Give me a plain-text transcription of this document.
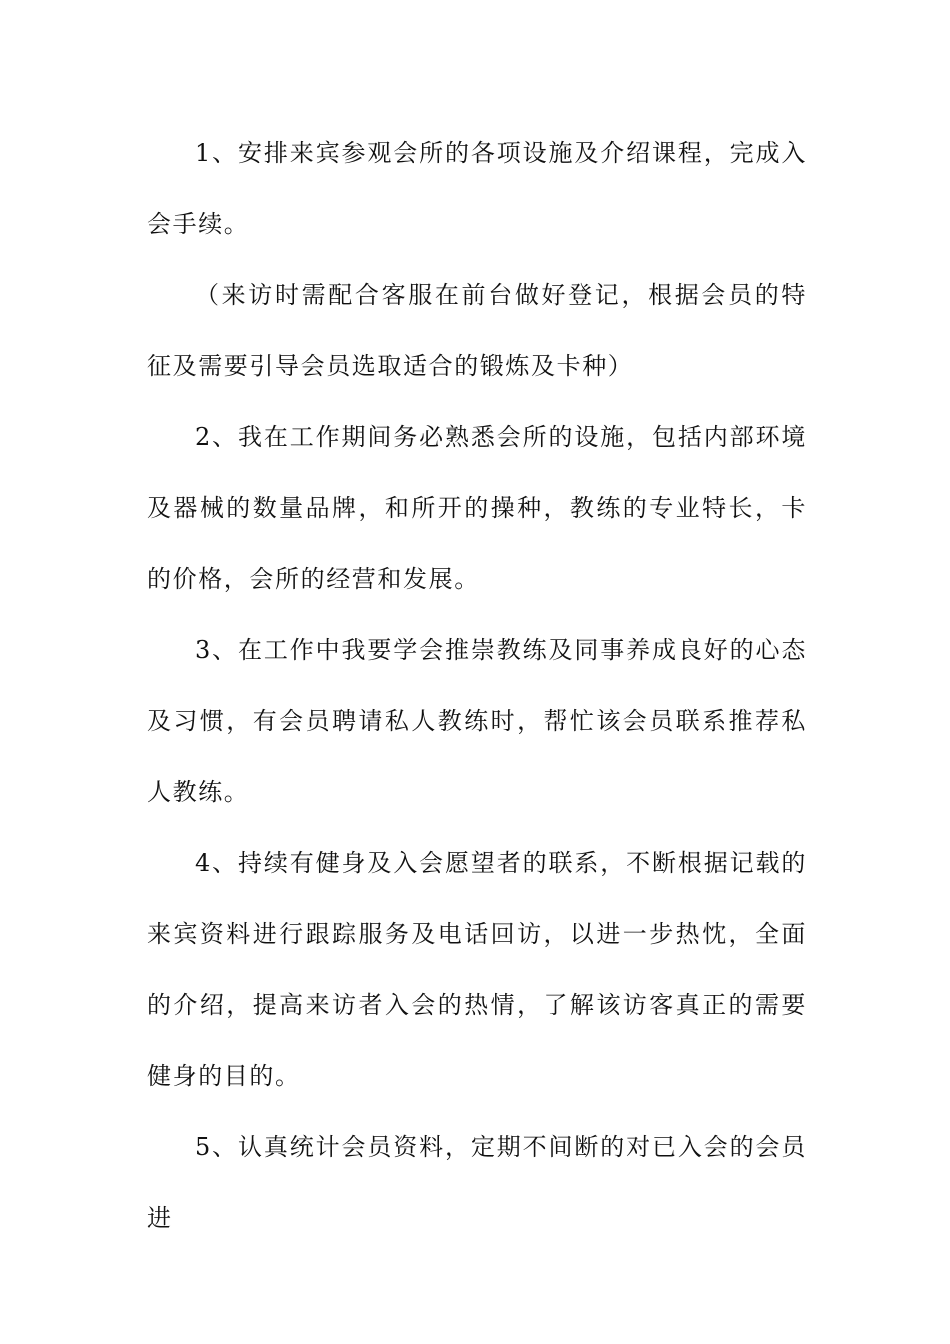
1、安排来宾参观会所的各项设施及介绍课程，完成入会手续。

（来访时需配合客服在前台做好登记，根据会员的特征及需要引导会员选取适合的锻炼及卡种）

2、我在工作期间务必熟悉会所的设施，包括内部环境及器械的数量品牌，和所开的操种，教练的专业特长，卡的价格，会所的经营和发展。

3、在工作中我要学会推崇教练及同事养成良好的心态及习惯，有会员聘请私人教练时，帮忙该会员联系推荐私人教练。

4、持续有健身及入会愿望者的联系，不断根据记载的来宾资料进行跟踪服务及电话回访，以进一步热忱，全面的介绍，提高来访者入会的热情，了解该访客真正的需要健身的目的。

5、认真统计会员资料，定期不间断的对已入会的会员进
